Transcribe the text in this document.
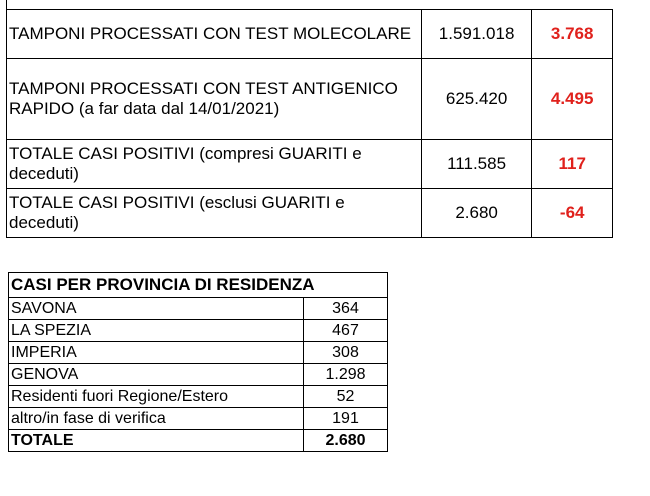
TAMPONI PROCESSATI CON TEST MOLECOLARE	1.591.018	3.768
TAMPONI PROCESSATI CON TEST ANTIGENICO RAPIDO (a far data dal 14/01/2021)	625.420	4.495
TOTALE CASI POSITIVI (compresi GUARITI e deceduti)	111.585	117
TOTALE CASI POSITIVI (esclusi GUARITI e deceduti)	2.680	-64
CASI PER PROVINCIA DI RESIDENZA	
SAVONA	364
LA SPEZIA	467
IMPERIA	308
GENOVA	1.298
Residenti fuori Regione/Estero	52
altro/in fase di verifica	191
TOTALE	2.680
